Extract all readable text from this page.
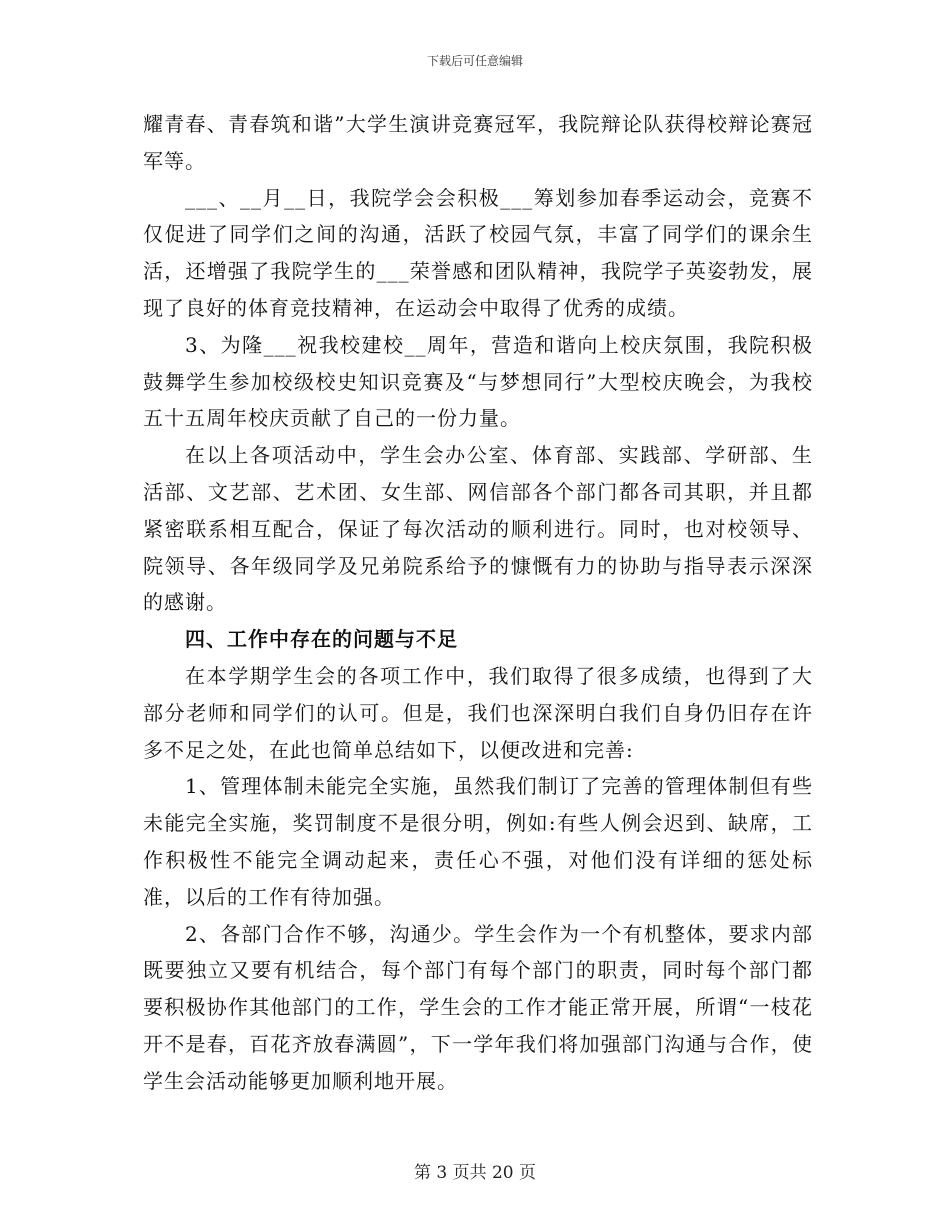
下载后可任意编辑

耀青春、青春筑和谐”大学生演讲竞赛冠军，我院辩论队获得校辩论赛冠军等。

___、__月__日，我院学会会积极___筹划参加春季运动会，竞赛不仅促进了同学们之间的沟通，活跃了校园气氛，丰富了同学们的课余生活，还增强了我院学生的___荣誉感和团队精神，我院学子英姿勃发，展现了良好的体育竞技精神，在运动会中取得了优秀的成绩。

3、为隆___祝我校建校__周年，营造和谐向上校庆氛围，我院积极鼓舞学生参加校级校史知识竞赛及“与梦想同行”大型校庆晚会，为我校五十五周年校庆贡献了自己的一份力量。

在以上各项活动中，学生会办公室、体育部、实践部、学研部、生活部、文艺部、艺术团、女生部、网信部各个部门都各司其职，并且都紧密联系相互配合，保证了每次活动的顺利进行。同时，也对校领导、院领导、各年级同学及兄弟院系给予的慷慨有力的协助与指导表示深深的感谢。

四、工作中存在的问题与不足

在本学期学生会的各项工作中，我们取得了很多成绩，也得到了大部分老师和同学们的认可。但是，我们也深深明白我们自身仍旧存在许多不足之处，在此也简单总结如下，以便改进和完善:

1、管理体制未能完全实施，虽然我们制订了完善的管理体制但有些未能完全实施，奖罚制度不是很分明，例如:有些人例会迟到、缺席，工作积极性不能完全调动起来，责任心不强，对他们没有详细的惩处标准，以后的工作有待加强。

2、各部门合作不够，沟通少。学生会作为一个有机整体，要求内部既要独立又要有机结合，每个部门有每个部门的职责，同时每个部门都要积极协作其他部门的工作，学生会的工作才能正常开展，所谓“一枝花开不是春，百花齐放春满圆”，下一学年我们将加强部门沟通与合作，使学生会活动能够更加顺利地开展。

第 3 页共 20 页
